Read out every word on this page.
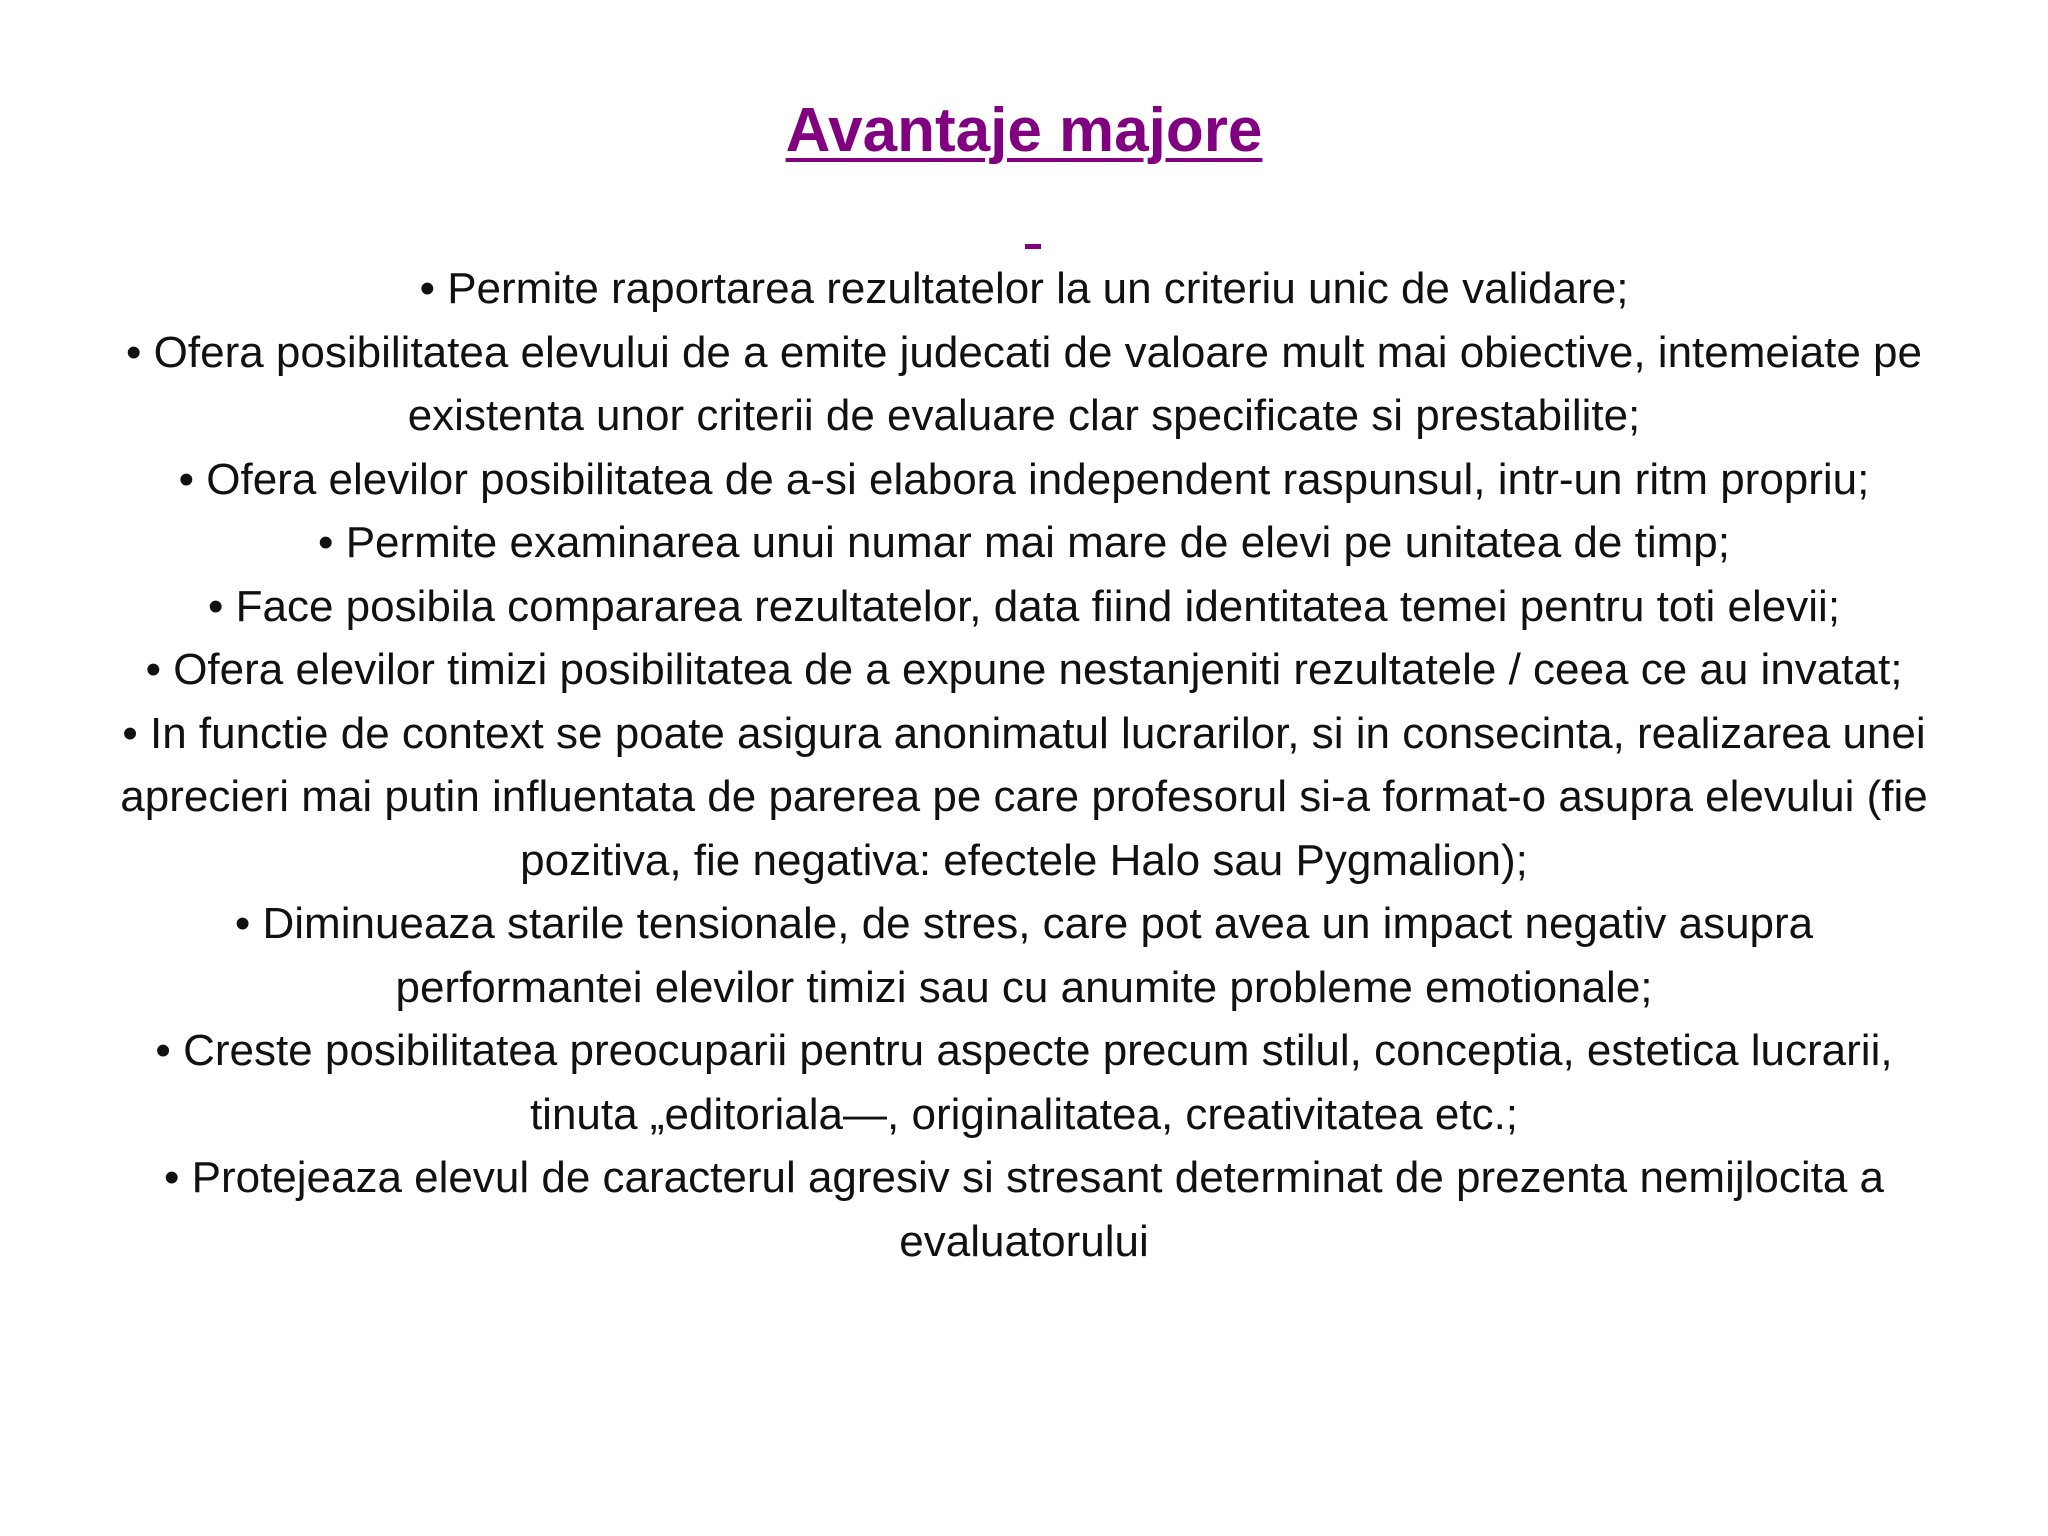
Avantaje majore
• Permite raportarea rezultatelor la un criteriu unic de validare;
• Ofera posibilitatea elevului de a emite judecati de valoare mult mai obiective, intemeiate pe existenta unor criterii de evaluare clar specificate si prestabilite;
• Ofera elevilor posibilitatea de a-si elabora independent raspunsul, intr-un ritm propriu;
• Permite examinarea unui numar mai mare de elevi pe unitatea de timp;
• Face posibila compararea rezultatelor, data fiind identitatea temei pentru toti elevii;
• Ofera elevilor timizi posibilitatea de a expune nestanjeniti rezultatele / ceea ce au invatat;
• In functie de context se poate asigura anonimatul lucrarilor, si in consecinta, realizarea unei aprecieri mai putin influentata de parerea pe care profesorul si-a format-o asupra elevului (fie pozitiva, fie negativa: efectele Halo sau Pygmalion);
• Diminueaza starile tensionale, de stres, care pot avea un impact negativ asupra performantei elevilor timizi sau cu anumite probleme emotionale;
• Creste posibilitatea preocuparii pentru aspecte precum stilul, conceptia, estetica lucrarii, tinuta „editoriala—, originalitatea, creativitatea etc.;
• Protejeaza elevul de caracterul agresiv si stresant determinat de prezenta nemijlocita a evaluatorului
